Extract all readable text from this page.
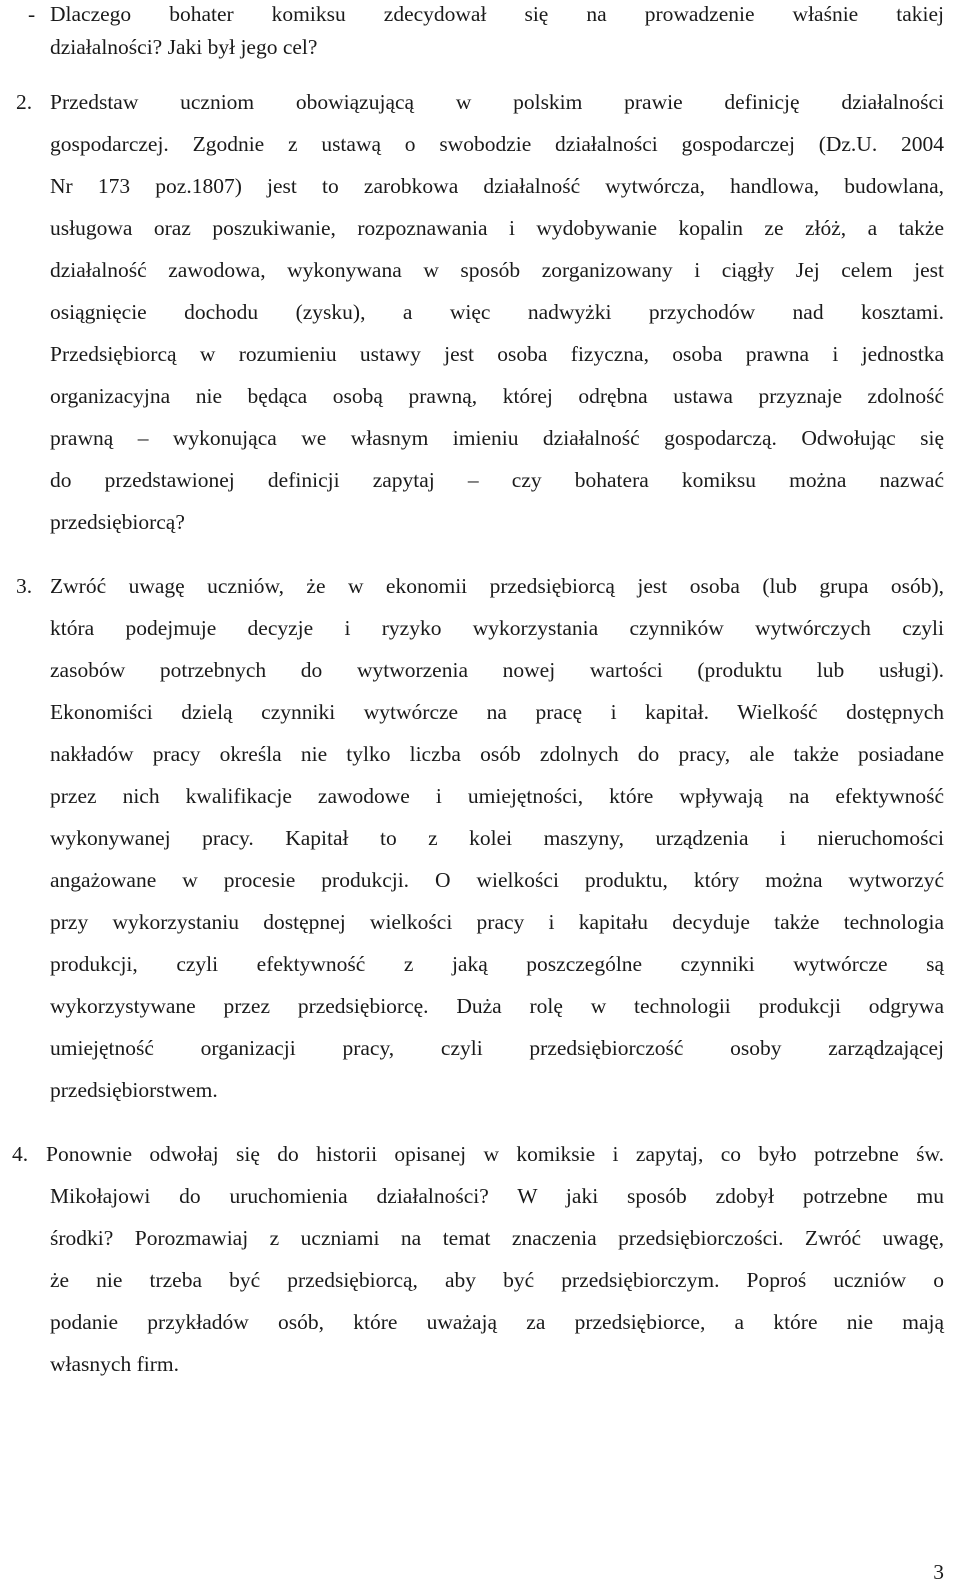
- Dlaczego bohater komiksu zdecydował się na prowadzenie właśnie takiej
działalności? Jaki był jego cel?
2. Przedstaw uczniom obowiązującą w polskim prawie definicję działalności
gospodarczej. Zgodnie z ustawą o swobodzie działalności gospodarczej (Dz.U. 2004
Nr 173 poz.1807) jest to zarobkowa działalność wytwórcza, handlowa, budowlana,
usługowa oraz poszukiwanie, rozpoznawania i wydobywanie kopalin ze złóż, a także
działalność zawodowa, wykonywana w sposób zorganizowany i ciągły Jej celem jest
osiągnięcie dochodu (zysku), a więc nadwyżki przychodów nad kosztami.
Przedsiębiorcą w rozumieniu ustawy jest osoba fizyczna, osoba prawna i jednostka
organizacyjna nie będąca osobą prawną, której odrębna ustawa przyznaje zdolność
prawną – wykonująca we własnym imieniu działalność gospodarczą. Odwołując się
do przedstawionej definicji zapytaj – czy bohatera komiksu można nazwać
przedsiębiorcą?
3. Zwróć uwagę uczniów, że w ekonomii przedsiębiorcą jest osoba (lub grupa osób),
która podejmuje decyzje i ryzyko wykorzystania czynników wytwórczych czyli
zasobów potrzebnych do wytworzenia nowej wartości (produktu lub usługi).
Ekonomiści dzielą czynniki wytwórcze na pracę i kapitał. Wielkość dostępnych
nakładów pracy określa nie tylko liczba osób zdolnych do pracy, ale także posiadane
przez nich kwalifikacje zawodowe i umiejętności, które wpływają na efektywność
wykonywanej pracy. Kapitał to z kolei maszyny, urządzenia i nieruchomości
angażowane w procesie produkcji. O wielkości produktu, który można wytworzyć
przy wykorzystaniu dostępnej wielkości pracy i kapitału decyduje także technologia
produkcji, czyli efektywność z jaką poszczególne czynniki wytwórcze są
wykorzystywane przez przedsiębiorcę. Duża rolę w technologii produkcji odgrywa
umiejętność organizacji pracy, czyli przedsiębiorczość osoby zarządzającej
przedsiębiorstwem.
4. Ponownie odwołaj się do historii opisanej w komiksie i zapytaj, co było potrzebne św.
Mikołajowi do uruchomienia działalności? W jaki sposób zdobył potrzebne mu
środki? Porozmawiaj z uczniami na temat znaczenia przedsiębiorczości. Zwróć uwagę,
że nie trzeba być przedsiębiorcą, aby być przedsiębiorczym. Poproś uczniów o
podanie przykładów osób, które uważają za przedsiębiorce, a które nie mają
własnych firm.
3
